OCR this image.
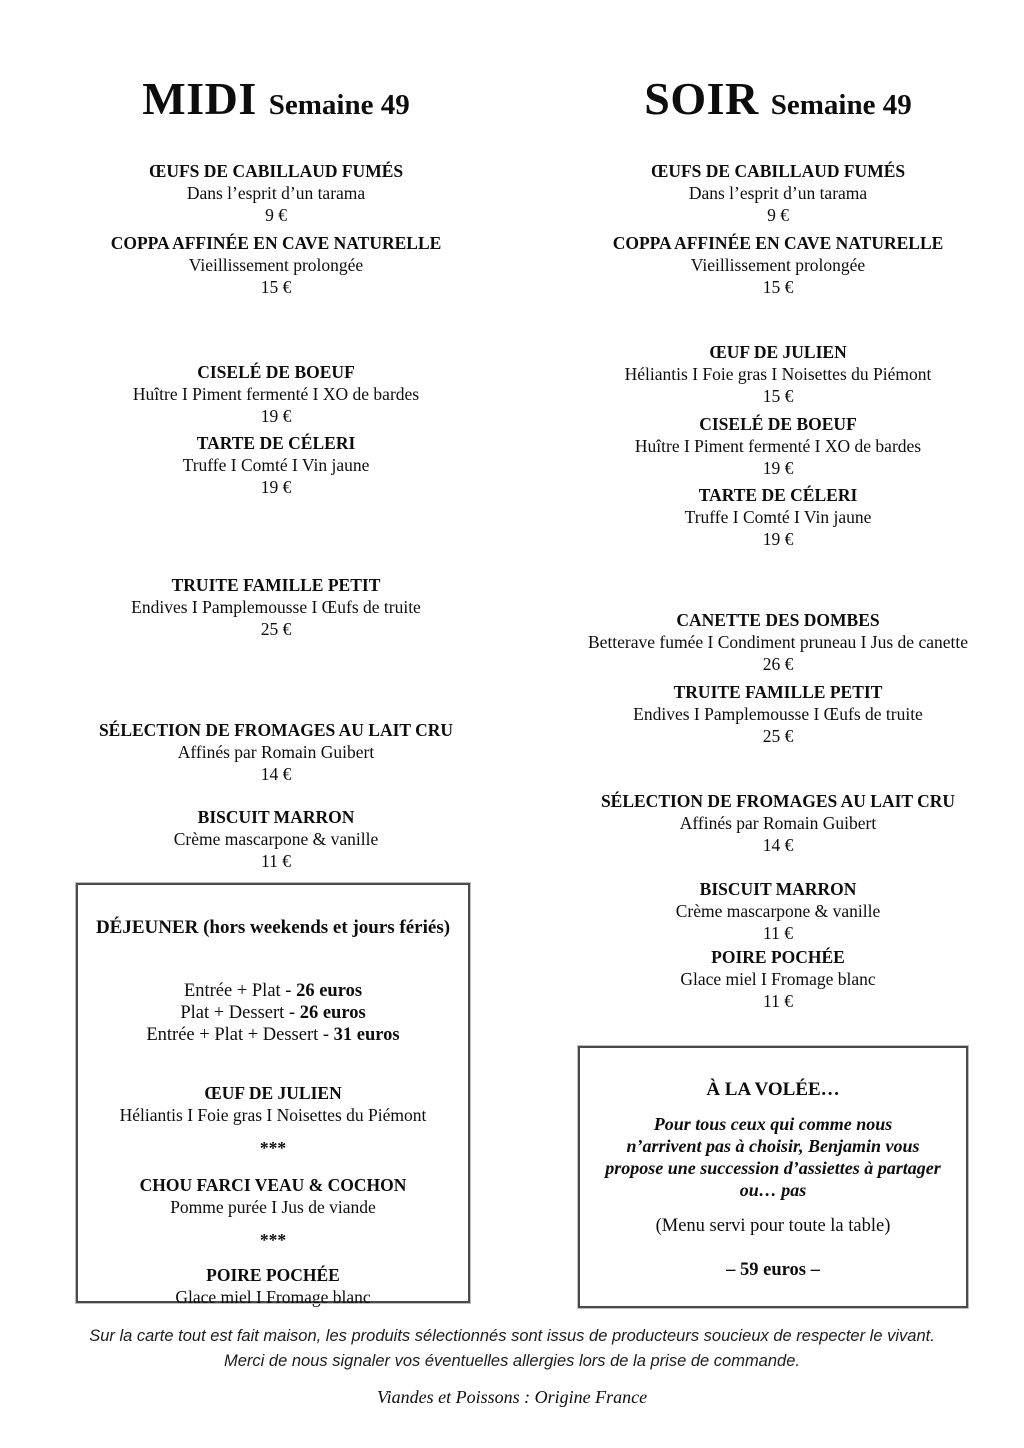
MIDI Semaine 49
ŒUFS DE CABILLAUD FUMÉS
Dans l’esprit d’un tarama
9 €
COPPA AFFINÉE EN CAVE NATURELLE
Vieillissement prolongée
15 €
CISELÉ DE BOEUF
Huître I Piment fermenté I XO de bardes
19 €
TARTE DE CÉLERI
Truffe I Comté I Vin jaune
19 €
TRUITE FAMILLE PETIT
Endives I Pamplemousse I Œufs de truite
25 €
SÉLECTION DE FROMAGES AU LAIT CRU
Affinés par Romain Guibert
14 €
BISCUIT MARRON
Crème mascarpone & vanille
11 €
DÉJEUNER (hors weekends et jours fériés)
Entrée + Plat - 26 euros
Plat + Dessert - 26 euros
Entrée + Plat + Dessert - 31 euros
ŒUF DE JULIEN
Héliantis I Foie gras I Noisettes du Piémont
***
CHOU FARCI VEAU & COCHON
Pomme purée I Jus de viande
***
POIRE POCHÉE
Glace miel I Fromage blanc
SOIR Semaine 49
ŒUFS DE CABILLAUD FUMÉS
Dans l’esprit d’un tarama
9 €
COPPA AFFINÉE EN CAVE NATURELLE
Vieillissement prolongée
15 €
ŒUF DE JULIEN
Héliantis I Foie gras I Noisettes du Piémont
15 €
CISELÉ DE BOEUF
Huître I Piment fermenté I XO de bardes
19 €
TARTE DE CÉLERI
Truffe I Comté I Vin jaune
19 €
CANETTE DES DOMBES
Betterave fumée I Condiment pruneau I Jus de canette
26 €
TRUITE FAMILLE PETIT
Endives I Pamplemousse I Œufs de truite
25 €
SÉLECTION DE FROMAGES AU LAIT CRU
Affinés par Romain Guibert
14 €
BISCUIT MARRON
Crème mascarpone & vanille
11 €
POIRE POCHÉE
Glace miel I Fromage blanc
11 €
À LA VOLÉE…
Pour tous ceux qui comme nous
n’arrivent pas à choisir, Benjamin vous
propose une succession d’assiettes à partager
ou… pas
(Menu servi pour toute la table)
– 59 euros –
Sur la carte tout est fait maison, les produits sélectionnés sont issus de producteurs soucieux de respecter le vivant.
Merci de nous signaler vos éventuelles allergies lors de la prise de commande.
Viandes et Poissons : Origine France
